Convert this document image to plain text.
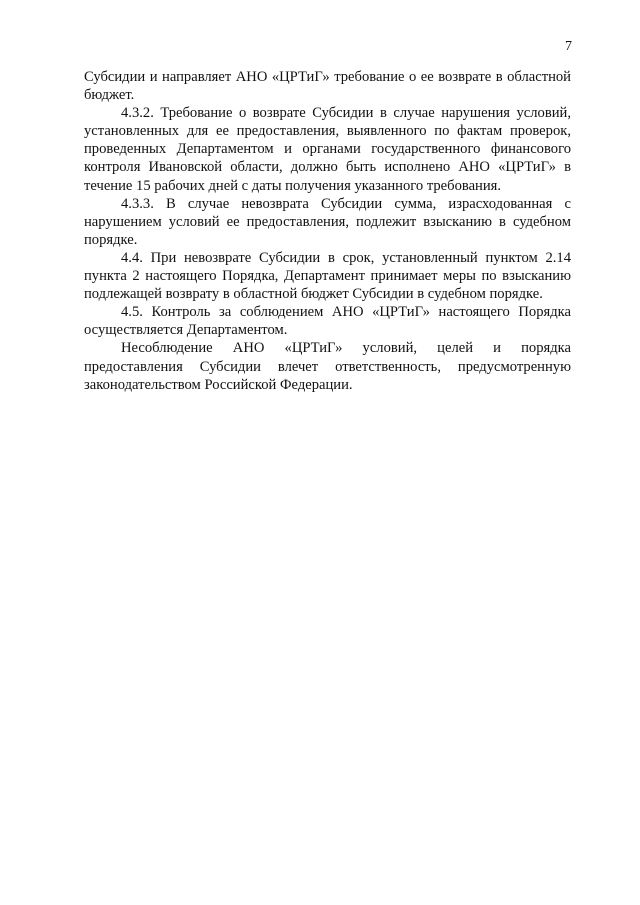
7

Субсидии и направляет АНО «ЦРТиГ» требование о ее возврате в областной бюджет.

4.3.2. Требование о возврате Субсидии в случае нарушения условий, установленных для ее предоставления, выявленного по фактам проверок, проведенных Департаментом и органами государственного финансового контроля Ивановской области, должно быть исполнено АНО «ЦРТиГ» в течение 15 рабочих дней с даты получения указанного требования.

4.3.3. В случае невозврата Субсидии сумма, израсходованная с нарушением условий ее предоставления, подлежит взысканию в судебном порядке.

4.4. При невозврате Субсидии в срок, установленный пунктом 2.14 пункта 2 настоящего Порядка, Департамент принимает меры по взысканию подлежащей возврату в областной бюджет Субсидии в судебном порядке.

4.5. Контроль за соблюдением АНО «ЦРТиГ» настоящего Порядка осуществляется Департаментом.

Несоблюдение АНО «ЦРТиГ» условий, целей и порядка предоставления Субсидии влечет ответственность, предусмотренную законодательством Российской Федерации.
